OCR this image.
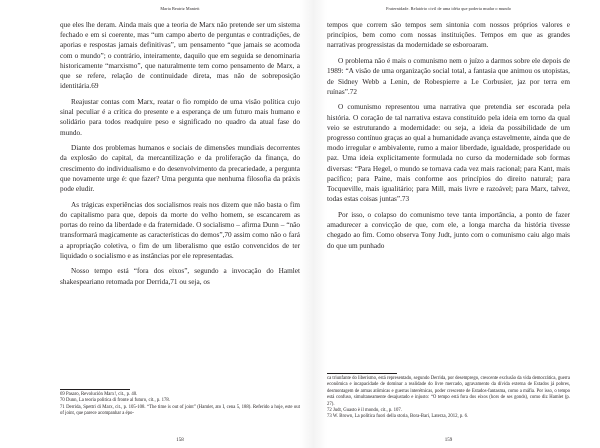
Maria Beatriz Maniett

que eles lhe deram. Ainda mais que a teoria de Marx não pretende ser um sistema fechado e em si coerente, mas “um campo aberto de perguntas e contradições, de aporias e respostas jamais definitivas”, um pensamento “que jamais se acomoda com o mundo”; o contrário, inteiramente, daquilo que em seguida se denominaria historicamente “marxismo”, que naturalmente tem como pensamento de Marx, a que se refere, relação de continuidade direta, mas não de sobreposição identitária.69

Reajustar contas com Marx, reatar o fio rompido de uma visão política cujo sinal peculiar é a crítica do presente e a esperança de um futuro mais humano e solidário para todos readquire peso e significado no quadro da atual fase do mundo.

Diante dos problemas humanos e sociais de dimensões mundiais decorrentes da explosão do capital, da mercantilização e da proliferação da finança, do crescimento do individualismo e do desenvolvimento da precariedade, a pergunta que novamente urge é: que fazer? Uma pergunta que nenhuma filosofia da práxis pode eludir.

As trágicas experiências dos socialismos reais nos dizem que não basta o fim do capitalismo para que, depois da morte do velho homem, se escancarem as portas do reino da liberdade e da fraternidade. O socialismo – afirma Dunn – “não transformará magicamente as características do demos”,70 assim como não o fará a apropriação coletiva, o fim de um liberalismo que estão convencidos de ter liquidado o socialismo e as instâncias por ele representadas.

Nosso tempo está “fora dos eixos”, segundo a invocação do Hamlet shakespeariano retomada por Derrida,71 ou seja, os

69 Pasaro, Revolución Marx!, cit., p. 40.

70 Dunn, La teoria politica di fronte al futuro, cit., p. 178.

71 Derrida, Spettri di Marx, cit., p. 105-108. “The time is out of joint” (Hamlet, ato I, cena 5, 188). Referido a hoje, este out of joint, que parece acompanhar a épo-

158
Fraternidade. Relatório civil de uma idéia que poderia mudar o mundo

tempos que correm são tempos sem sintonia com nossos próprios valores e princípios, bem como com nossas instituições. Tempos em que as grandes narrativas progressistas da modernidade se esboroaram.

O problema não é mais o comunismo nem o juízo a darmos sobre ele depois de 1989: “A visão de uma organização social total, a fantasia que animou os utopistas, de Sidney Webb a Lenin, de Robespierre a Le Corbusier, jaz por terra em ruínas”.72

O comunismo representou uma narrativa que pretendia ser escorada pela história. O coração de tal narrativa estava constituído pela ideia em torno da qual veio se estruturando a modernidade: ou seja, a ideia da possibilidade de um progresso contínuo graças ao qual a humanidade avança estavelmente, ainda que de modo irregular e ambivalente, rumo a maior liberdade, igualdade, prosperidade ou paz. Uma ideia explicitamente formulada no curso da modernidade sob formas diversas: “Para Hegel, o mundo se tornava cada vez mais racional; para Kant, mais pacífico; para Paine, mais conforme aos princípios do direito natural; para Tocqueville, mais igualitário; para Mill, mais livre e razoável; para Marx, talvez, todas estas coisas juntas”.73

Por isso, o colapso do comunismo teve tanta importância, a ponto de fazer amadurecer a convicção de que, com ele, a longa marcha da história tivesse chegado ao fim. Como observa Tony Judt, junto com o comunismo caiu algo mais do que um punhado

ca triunfante do liberismo, está representado, segundo Derrida, por desemprego, crescente exclusão da vida democrática, guerra econômica e incapacidade de dominar a realidade do livre mercado, agravamento da dívida externa de Estados já pobres, desmontagem de armas atômicas e guerras interétnicas, poder crescente de Estados-fantasma, como a máfia. Por isso, o tempo está confuso, simultaneamente desajustado e injusto: “O tempo está fora dos eixos (hors de ses gonds), como diz Hamlet (p. 27).

72 Judt, Guasto è il mondo, cit., p. 107.

73 W. Brown, La política fuori della storia, Bora-Bari, Laterza, 2012, p. 6.

159
